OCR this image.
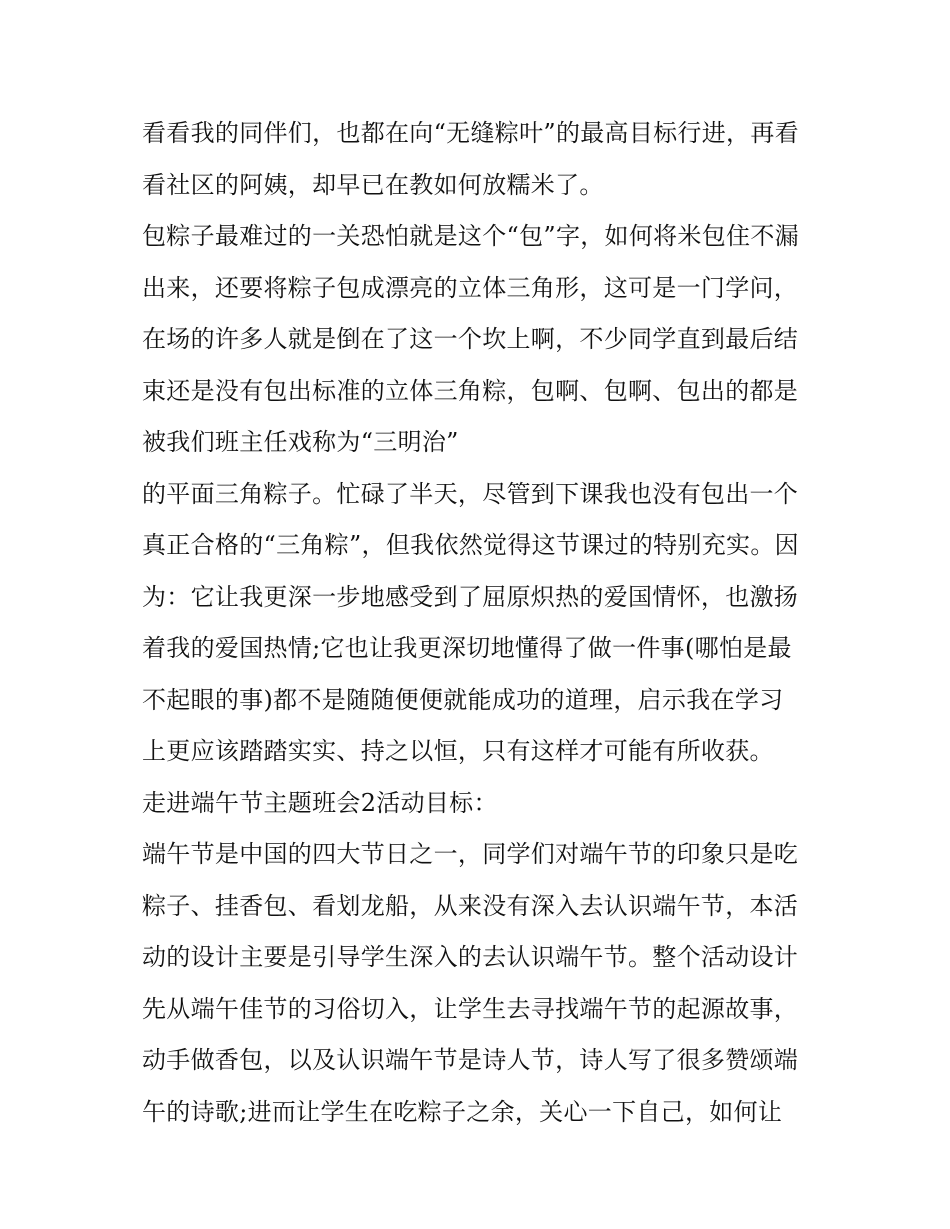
看看我的同伴们，也都在向“无缝粽叶”的最高目标行进，再看
看社区的阿姨，却早已在教如何放糯米了。
包粽子最难过的一关恐怕就是这个“包”字，如何将米包住不漏
出来，还要将粽子包成漂亮的立体三角形，这可是一门学问，
在场的许多人就是倒在了这一个坎上啊，不少同学直到最后结
束还是没有包出标准的立体三角粽，包啊、包啊、包出的都是
被我们班主任戏称为“三明治”
的平面三角粽子。忙碌了半天，尽管到下课我也没有包出一个
真正合格的“三角粽”，但我依然觉得这节课过的特别充实。因
为：它让我更深一步地感受到了屈原炽热的爱国情怀，也激扬
着我的爱国热情;它也让我更深切地懂得了做一件事(哪怕是最
不起眼的事)都不是随随便便就能成功的道理，启示我在学习
上更应该踏踏实实、持之以恒，只有这样才可能有所收获。
走进端午节主题班会2活动目标：
端午节是中国的四大节日之一，同学们对端午节的印象只是吃
粽子、挂香包、看划龙船，从来没有深入去认识端午节，本活
动的设计主要是引导学生深入的去认识端午节。整个活动设计
先从端午佳节的习俗切入，让学生去寻找端午节的起源故事，
动手做香包，以及认识端午节是诗人节，诗人写了很多赞颂端
午的诗歌;进而让学生在吃粽子之余，关心一下自己，如何让
